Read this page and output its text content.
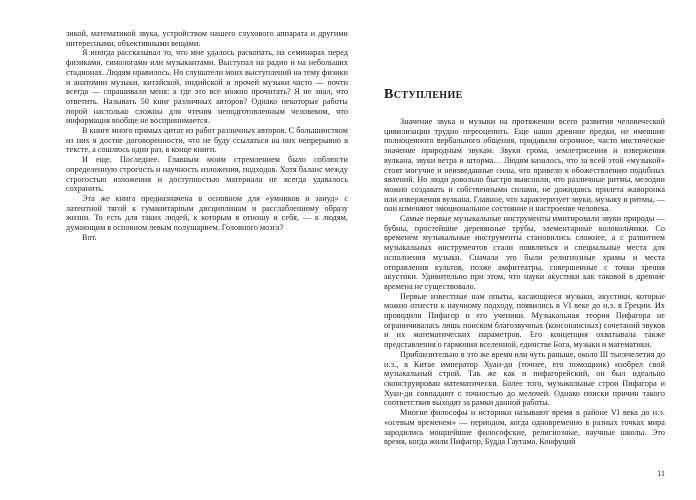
зикой, математикой звука, устройством нашего слухового аппарата и другими интересными, объективными вещами.

Я иногда рассказывал то, что мне удалось раскопать, на семинарах перед физиками, синологами или музыкантами. Выступал на радио и на небольших стадионах. Людям нравилось. Но слушатели моих выступлений на тему физики и анатомии музыки, китайской, индийской и прочей музыки часто — почти всегда — спрашивали меня: а где это все можно прочитать? Я не знал, что ответить. Называть 50 книг различных авторов? Однако некоторые работы порой настолько сложны для чтения неподготовленным человеком, что информация вообще не воспринимается.

В книге много прямых цитат из работ различных авторов. С большинством из них я достиг договоренности, что не буду ссылаться на них непрерывно в тексте, а сошлюсь один раз, в конце книги.

И еще. Последнее. Главным моим стремлением было соблюсти определенную строгость и научность изложения, подходов. Хотя баланс между строгостью изложения и доступностью материала не всегда удавалось сохранить.

Эта же книга предназначена в основном для «умников и зануд» с латентной тягой к гуманитарным дисциплинам и расслабленному образу жизни. То есть для таких людей, к которым я отношу и себя, — к людям, думающим в основном левым полушарием. Головного мозга?

Вот.

Вступление

Значение звука и музыки на протяжении всего развития человеческой цивилизации трудно переоценить. Еще наши древние предки, не имевшие полноценного вербального общения, придавали огромное, часто мистическое значение природным звукам. Звуки грома, землетрясения и извержения вулкана, звуки ветра и шторма… Людям казалось, что за всей этой «музыкой» стоят могучие и неизведанные силы, что привело к обожествлению подобных явлений. Но люди довольно быстро выяснили, что различные ритмы, мелодии можно создавать и собственными силами, не дожидаясь прилета жаворонка или извержения вулкана. Главное, что характеризует звуки, музыку и ритмы, — они изменяют эмоциональное состояние и настроение человека.

Самые первые музыкальные инструменты имитировали звуки природы — бубны, простейшие деревянные трубы, элементарные колокольчики. Со временем музыкальные инструменты становились сложнее, а с развитием музыкальных инструментов стали появляться и специальные места для исполнения музыки. Сначала это были религиозные храмы и места отправления культов, позже амфитеатры, совершенные с точки зрения акустики. Удивительно при этом, что науки акустики как таковой в древние времена не существовало.

Первые известные нам опыты, касающиеся музыки, акустики, которые можно отнести к научному подходу, появились в VI веке до н.э. в Греции. Их проводили Пифагор и его ученики. Музыкальная теория Пифагора не ограничивалась лишь поиском благозвучных (консонансных) сочетаний звуков и их математических параметров. Его концепция охватывала также представления о гармонии вселенной, единстве Бога, музыки и математики.

Приблизительно в это же время или чуть раньше, около III тысячелетия до н.э., в Китае император Хуан-ди (точнее, его помощник) изобрел свой музыкальный строй. Так же как и пифагорейский, он был идеально сконструирован математически. Более того, музыкальные строи Пифагора и Хуан-ди совпадают с точностью до мелочей. Однако поиски причин такого соответствия выходят за рамки данной работы.

Многие философы и историки называют время в районе VI века до н.э. «осевым временем» — периодом, когда одновременно в разных точках мира зародились мощнейшие философские, религиозные, научные школы. Это время, когда жили Пифагор, Будда Гаутама, Конфуций

11
